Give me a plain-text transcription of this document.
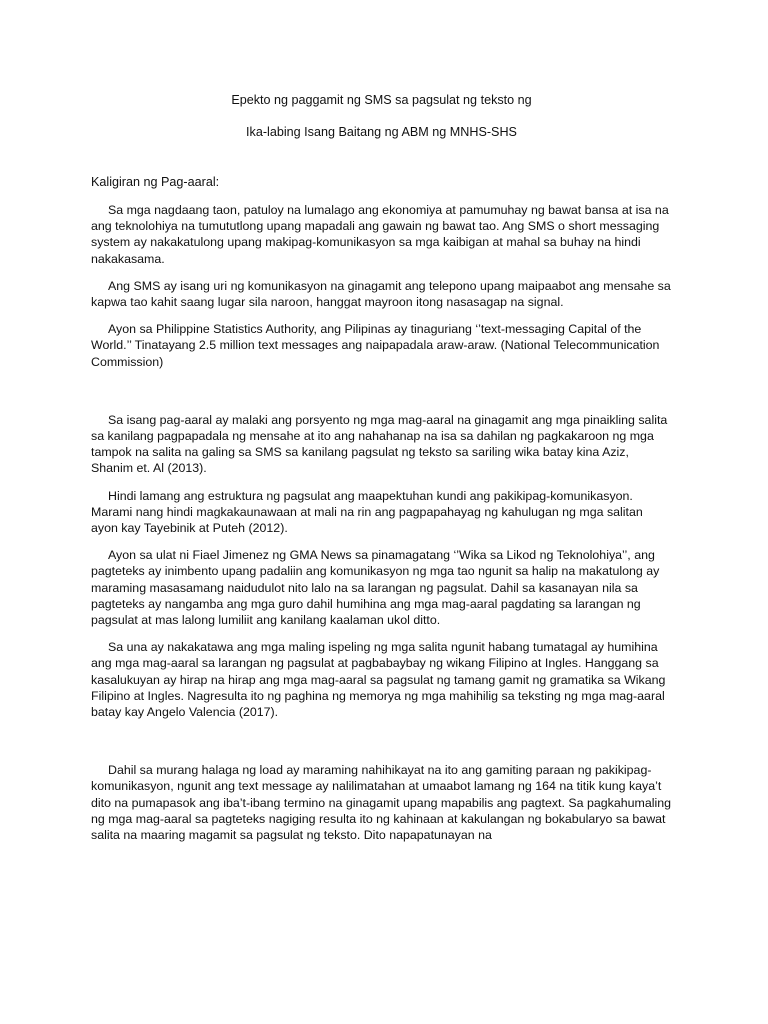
Epekto ng paggamit ng SMS sa pagsulat ng teksto ng

Ika-labing Isang Baitang ng ABM ng MNHS-SHS

Kaligiran ng Pag-aaral:

Sa mga nagdaang taon, patuloy na lumalago ang ekonomiya at pamumuhay ng bawat bansa at isa na ang teknolohiya na tumututlong upang mapadali ang gawain ng bawat tao. Ang SMS o short messaging system ay nakakatulong upang makipag-komunikasyon sa mga kaibigan at mahal sa buhay na hindi nakakasama.

Ang SMS ay isang uri ng komunikasyon na ginagamit ang telepono upang maipaabot ang mensahe sa kapwa tao kahit saang lugar sila naroon, hanggat mayroon itong nasasagap na signal.

Ayon sa Philippine Statistics Authority, ang Pilipinas ay tinaguriang ‘’text-messaging Capital of the World.’’ Tinatayang 2.5 million text messages ang naipapadala araw-araw. (National Telecommunication Commission)

Sa isang pag-aaral ay malaki ang porsyento ng mga mag-aaral na ginagamit ang mga pinaikling salita sa kanilang pagpapadala ng mensahe at ito ang nahahanap na isa sa dahilan ng pagkakaroon ng mga tampok na salita na galing sa SMS sa kanilang pagsulat ng teksto sa sariling wika batay kina Aziz, Shanim et. Al (2013).

Hindi lamang ang estruktura ng pagsulat ang maapektuhan kundi ang pakikipag-komunikasyon. Marami nang hindi magkakaunawaan at mali na rin ang pagpapahayag ng kahulugan ng mga salitan ayon kay Tayebinik at Puteh (2012).

Ayon sa ulat ni Fiael Jimenez ng GMA News sa pinamagatang ‘’Wika sa Likod ng Teknolohiya’’, ang pagteteks ay inimbento upang padaliin ang komunikasyon ng mga tao ngunit sa halip na makatulong ay maraming masasamang naidudulot nito lalo na sa larangan ng pagsulat. Dahil sa kasanayan nila sa pagteteks ay nangamba ang mga guro dahil humihina ang mga mag-aaral pagdating sa larangan ng pagsulat at mas lalong lumiliit ang kanilang kaalaman ukol ditto.

Sa una ay nakakatawa ang mga maling ispeling ng mga salita ngunit habang tumatagal ay humihina ang mga mag-aaral sa larangan ng pagsulat at pagbabaybay ng wikang Filipino at Ingles. Hanggang sa kasalukuyan ay hirap na hirap ang mga mag-aaral sa pagsulat ng tamang gamit ng gramatika sa Wikang Filipino at Ingles. Nagresulta ito ng paghina ng memorya ng mga mahihilig sa teksting ng mga mag-aaral batay kay Angelo Valencia (2017).

Dahil sa murang halaga ng load ay maraming nahihikayat na ito ang gamiting paraan ng pakikipag-komunikasyon, ngunit ang text message ay nalilimatahan at umaabot lamang ng 164 na titik kung kaya’t dito na pumapasok ang iba’t-ibang termino na ginagamit upang mapabilis ang pagtext. Sa pagkahumaling ng mga mag-aaral sa pagteteks nagiging resulta ito ng kahinaan at kakulangan ng bokabularyo sa bawat salita na maaring magamit sa pagsulat ng teksto. Dito napapatunayan na
